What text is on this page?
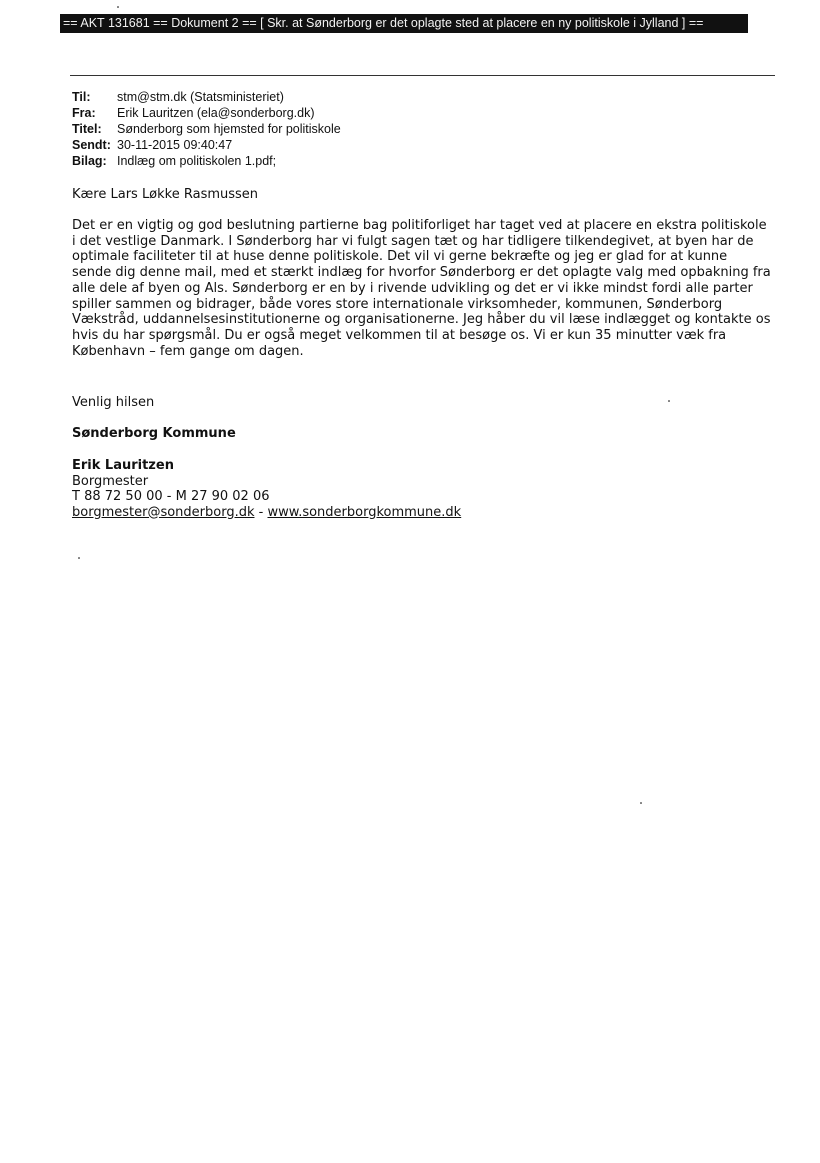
== AKT 131681 == Dokument 2 == [ Skr. at Sønderborg er det oplagte sted at placere en ny politiskole i Jylland ] ==
Til:	stm@stm.dk (Statsministeriet)
Fra:	Erik Lauritzen (ela@sonderborg.dk)
Titel:	Sønderborg som hjemsted for politiskole
Sendt: 30-11-2015 09:40:47
Bilag: Indlæg om politiskolen 1.pdf;
Kære Lars Løkke Rasmussen
Det er en vigtig og god beslutning partierne bag politiforliget har taget ved at placere en ekstra politiskole
i det vestlige Danmark. I Sønderborg har vi fulgt sagen tæt og har tidligere tilkendegivet, at byen har de
optimale faciliteter til at huse denne politiskole. Det vil vi gerne bekræfte og jeg er glad for at kunne
sende dig denne mail, med et stærkt indlæg for hvorfor Sønderborg er det oplagte valg med opbakning fra
alle dele af byen og Als. Sønderborg er en by i rivende udvikling og det er vi ikke mindst fordi alle parter
spiller sammen og bidrager, både vores store internationale virksomheder, kommunen, Sønderborg
Vækstråd, uddannelsesinstitutionerne og organisationerne. Jeg håber du vil læse indlægget og kontakte os
hvis du har spørgsmål. Du er også meget velkommen til at besøge os. Vi er kun 35 minutter væk fra
København – fem gange om dagen.
Venlig hilsen
Sønderborg Kommune
Erik Lauritzen
Borgmester
T 88 72 50 00 - M 27 90 02 06
borgmester@sonderborg.dk - www.sonderborgkommune.dk
